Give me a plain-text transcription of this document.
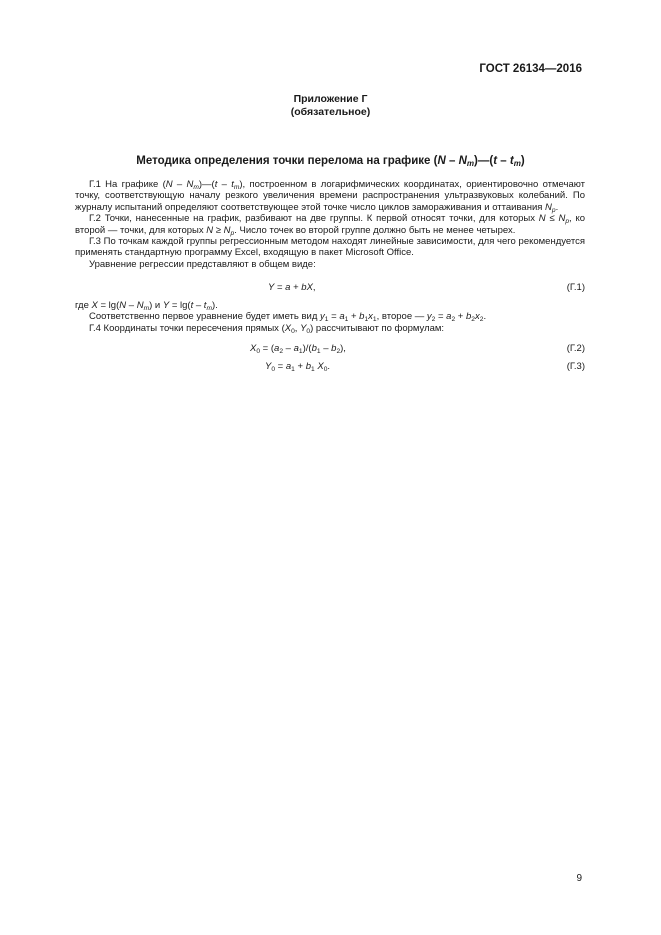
ГОСТ 26134—2016
Приложение Г
(обязательное)
Методика определения точки перелома на графике $(N - N_m)—(t - t_m)$

Г.1 На графике $(N - N_m)—(t - t_m)$, построенном в логарифмических координатах, ориентировочно отмечают точку, соответствующую началу резкого увеличения времени распространения ультразвуковых колебаний. По журналу испытаний определяют соответствующее этой точке число циклов замораживания и оттаивания $N_p$.

Г.2 Точки, нанесенные на график, разбивают на две группы. К первой относят точки, для которых $N \le N_p$, ко второй — точки, для которых $N \ge N_p$. Число точек во второй группе должно быть не менее четырех.

Г.3 По точкам каждой группы регрессионным методом находят линейные зависимости, для чего рекомендуется применять стандартную программу Excel, входящую в пакет Microsoft Office.

Уравнение регрессии представляют в общем виде:

Y = a + bX,	(Г.1)

где $X = \lg(N - N_m)$ и $Y = \lg(t - t_m)$.

Соответственно первое уравнение будет иметь вид $y_1 = a_1 + b_1x_1$, второе — $y_2 = a_2 + b_2x_2$.

Г.4 Координаты точки пересечения прямых ($X_0$, $Y_0$) рассчитывают по формулам:

$X_0 = (a_2 - a_1)/(b_1 - b_2)$,	(Г.2)
$Y_0 = a_1 + b_1$ $X_0$.	(Г.3)
9
